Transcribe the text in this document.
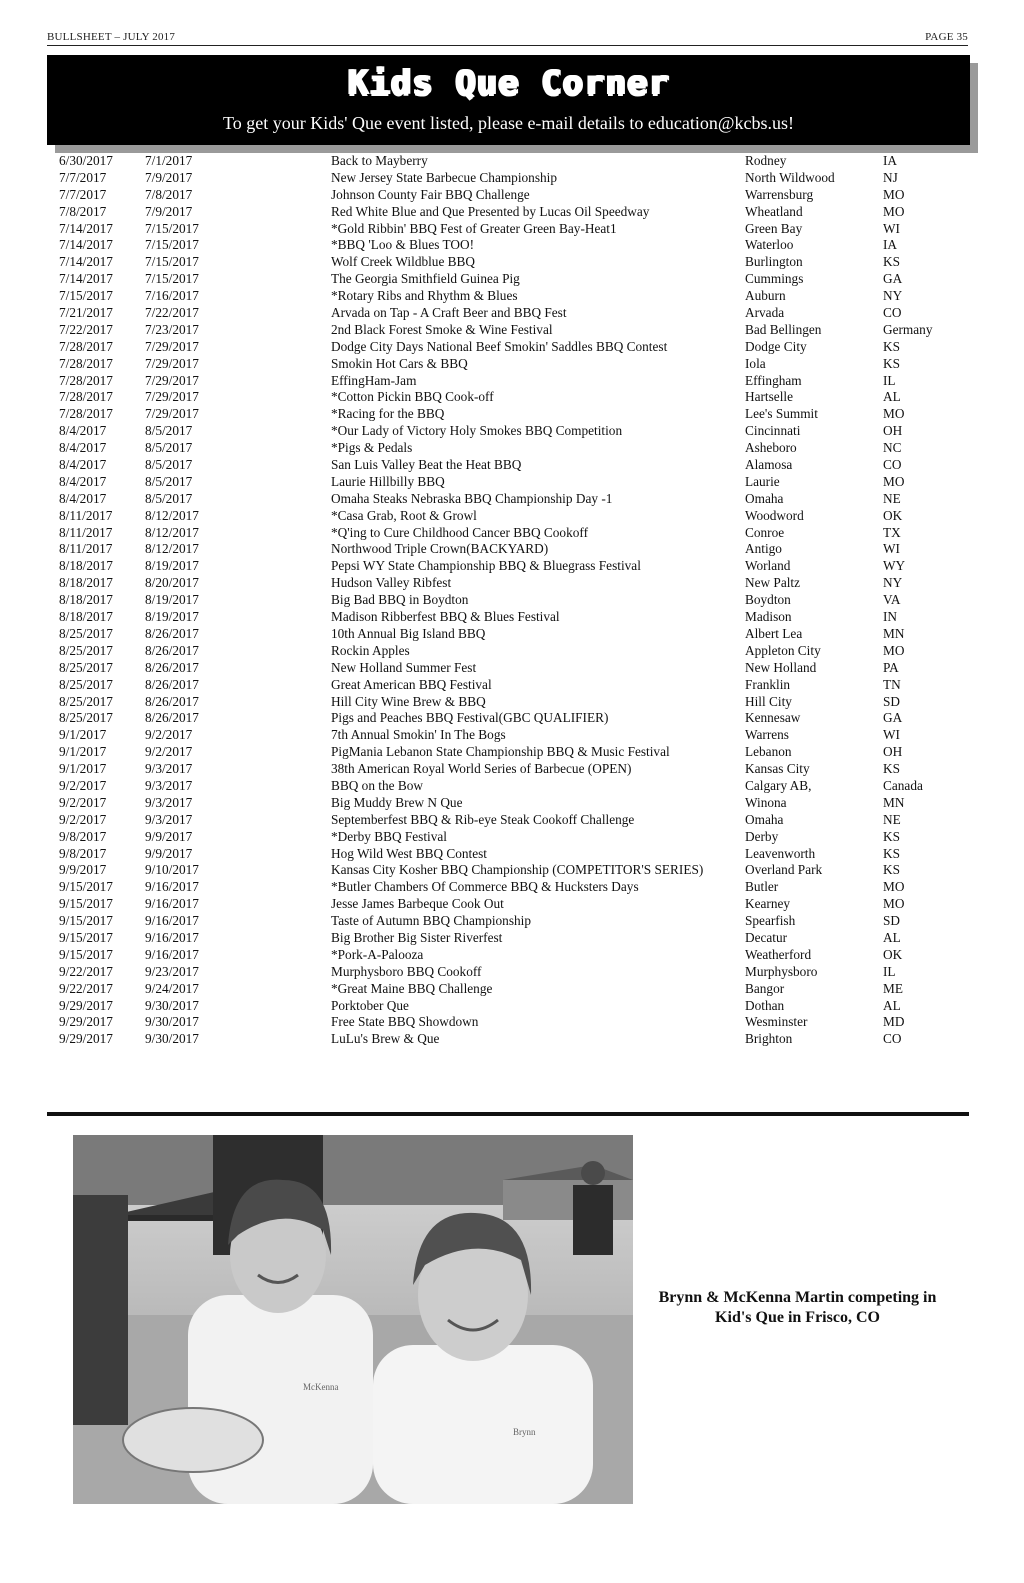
BULLSHEET – JULY 2017	PAGE 35
Kids Que Corner
To get your Kids' Que event listed, please e-mail details to education@kcbs.us!
6/30/2017 7/1/2017	Back to Mayberry	Rodney	IA
7/7/2017	7/9/2017	New Jersey State Barbecue Championship	North Wildwood	NJ
7/7/2017	7/8/2017	Johnson County Fair BBQ Challenge	Warrensburg	MO
7/8/2017	7/9/2017	Red White Blue and Que Presented by Lucas Oil Speedway	Wheatland	MO
7/14/2017 7/15/2017	*Gold Ribbin' BBQ Fest of Greater Green Bay-Heat1	Green Bay	WI
7/14/2017 7/15/2017	*BBQ 'Loo & Blues TOO!	Waterloo	IA
7/14/2017 7/15/2017	Wolf Creek Wildblue BBQ	Burlington	KS
7/14/2017 7/15/2017	The Georgia Smithfield Guinea Pig	Cummings	GA
7/15/2017 7/16/2017	*Rotary Ribs and Rhythm & Blues	Auburn	NY
7/21/2017 7/22/2017	Arvada on Tap - A Craft Beer and BBQ Fest	Arvada	CO
7/22/2017 7/23/2017	2nd Black Forest Smoke & Wine Festival	Bad Bellingen	Germany
7/28/2017 7/29/2017	Dodge City Days National Beef Smokin' Saddles BBQ Contest	Dodge City	KS
7/28/2017 7/29/2017	Smokin Hot Cars & BBQ	Iola	KS
7/28/2017 7/29/2017	EffingHam-Jam	Effingham	IL
7/28/2017 7/29/2017	*Cotton Pickin BBQ Cook-off	Hartselle	AL
7/28/2017 7/29/2017	*Racing for the BBQ	Lee's Summit	MO
8/4/2017	8/5/2017	*Our Lady of Victory Holy Smokes BBQ Competition	Cincinnati	OH
8/4/2017	8/5/2017	*Pigs & Pedals	Asheboro	NC
8/4/2017	8/5/2017	San Luis Valley Beat the Heat BBQ	Alamosa	CO
8/4/2017	8/5/2017	Laurie Hillbilly BBQ	Laurie	MO
8/4/2017	8/5/2017	Omaha Steaks Nebraska BBQ Championship Day -1	Omaha	NE
8/11/2017 8/12/2017	*Casa Grab, Root & Growl	Woodword	OK
8/11/2017 8/12/2017	*Q'ing to Cure Childhood Cancer BBQ Cookoff	Conroe	TX
8/11/2017 8/12/2017	Northwood Triple Crown(BACKYARD)	Antigo	WI
8/18/2017 8/19/2017	Pepsi WY State Championship BBQ & Bluegrass Festival	Worland	WY
8/18/2017 8/20/2017	Hudson Valley Ribfest	New Paltz	NY
8/18/2017 8/19/2017	Big Bad BBQ in Boydton	Boydton	VA
8/18/2017 8/19/2017	Madison Ribberfest BBQ & Blues Festival	Madison	IN
8/25/2017 8/26/2017	10th Annual Big Island BBQ	Albert Lea	MN
8/25/2017 8/26/2017	Rockin Apples	Appleton City	MO
8/25/2017 8/26/2017	New Holland Summer Fest	New Holland	PA
8/25/2017 8/26/2017	Great American BBQ Festival	Franklin	TN
8/25/2017 8/26/2017	Hill City Wine Brew & BBQ	Hill City	SD
8/25/2017 8/26/2017	Pigs and Peaches BBQ Festival(GBC QUALIFIER)	Kennesaw	GA
9/1/2017	9/2/2017	7th Annual Smokin' In The Bogs	Warrens	WI
9/1/2017	9/2/2017	PigMania Lebanon State Championship BBQ & Music Festival	Lebanon	OH
9/1/2017	9/3/2017	38th American Royal World Series of Barbecue (OPEN)	Kansas City	KS
9/2/2017	9/3/2017	BBQ on the Bow	Calgary AB,	Canada
9/2/2017	9/3/2017	Big Muddy Brew N Que	Winona	MN
9/2/2017	9/3/2017	Septemberfest BBQ & Rib-eye Steak Cookoff Challenge	Omaha	NE
9/8/2017	9/9/2017	*Derby BBQ Festival	Derby	KS
9/8/2017	9/9/2017	Hog Wild West BBQ Contest	Leavenworth	KS
9/9/2017	9/10/2017	Kansas City Kosher BBQ Championship (COMPETITOR'S SERIES)	Overland Park	KS
9/15/2017 9/16/2017	*Butler Chambers Of Commerce BBQ & Hucksters Days	Butler	MO
9/15/2017 9/16/2017	Jesse James Barbeque Cook Out	Kearney	MO
9/15/2017 9/16/2017	Taste of Autumn BBQ Championship	Spearfish	SD
9/15/2017 9/16/2017	Big Brother Big Sister Riverfest	Decatur	AL
9/15/2017 9/16/2017	*Pork-A-Palooza	Weatherford	OK
9/22/2017 9/23/2017	Murphysboro BBQ Cookoff	Murphysboro	IL
9/22/2017 9/24/2017	*Great Maine BBQ Challenge	Bangor	ME
9/29/2017 9/30/2017	Porktober Que	Dothan	AL
9/29/2017 9/30/2017	Free State BBQ Showdown	Wesminster	MD
9/29/2017 9/30/2017	LuLu's Brew & Que	Brighton	CO
McKenna
Brynn
Brynn & McKenna Martin competing in Kid's Que in Frisco, CO
